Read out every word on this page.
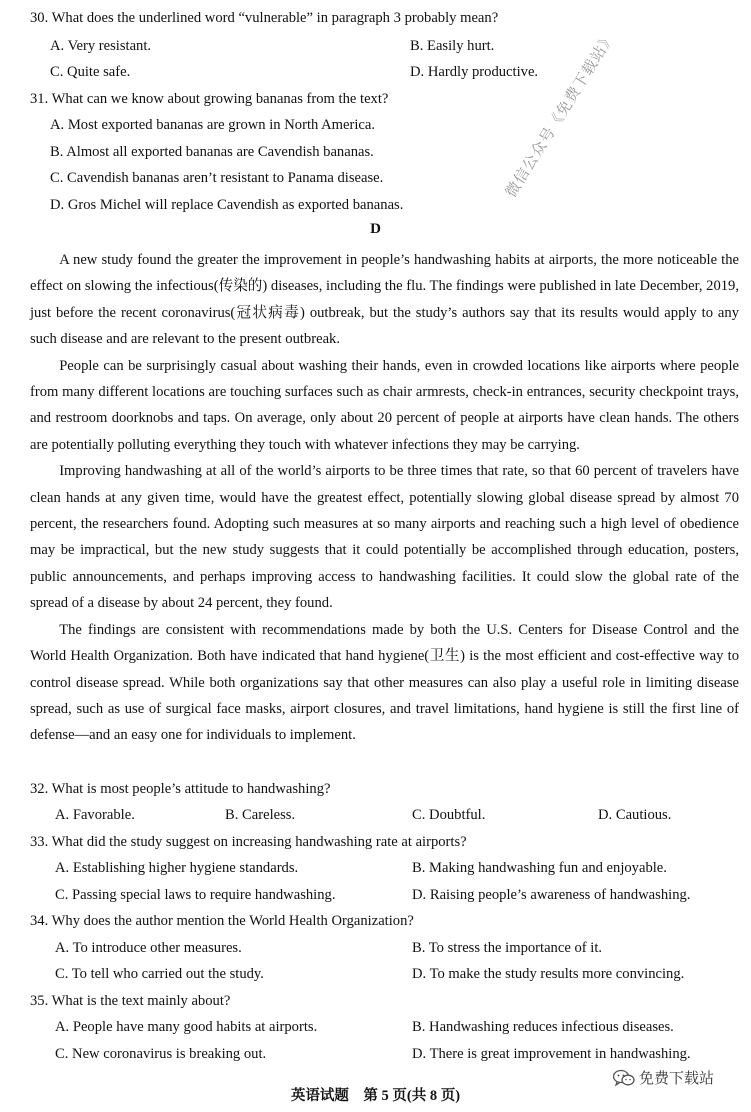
30. What does the underlined word “vulnerable” in paragraph 3 probably mean?
A. Very resistant.	B. Easily hurt.
C. Quite safe.	D. Hardly productive.
31. What can we know about growing bananas from the text?
A. Most exported bananas are grown in North America.
B. Almost all exported bananas are Cavendish bananas.
C. Cavendish bananas aren’t resistant to Panama disease.
D. Gros Michel will replace Cavendish as exported bananas.
D

A new study found the greater the improvement in people’s handwashing habits at airports, the more noticeable the effect on slowing the infectious(传染的) diseases, including the flu. The findings were published in late December, 2019, just before the recent coronavirus(冠状病毒) outbreak, but the study’s authors say that its results would apply to any such disease and are relevant to the present outbreak.

People can be surprisingly casual about washing their hands, even in crowded locations like airports where people from many different locations are touching surfaces such as chair armrests, check-in entrances, security checkpoint trays, and restroom doorknobs and taps. On average, only about 20 percent of people at airports have clean hands. The others are potentially polluting everything they touch with whatever infections they may be carrying.

Improving handwashing at all of the world’s airports to be three times that rate, so that 60 percent of travelers have clean hands at any given time, would have the greatest effect, potentially slowing global disease spread by almost 70 percent, the researchers found. Adopting such measures at so many airports and reaching such a high level of obedience may be impractical, but the new study suggests that it could potentially be accomplished through education, posters, public announcements, and perhaps improving access to handwashing facilities. It could slow the global rate of the spread of a disease by about 24 percent, they found.

The findings are consistent with recommendations made by both the U.S. Centers for Disease Control and the World Health Organization. Both have indicated that hand hygiene(卫生) is the most efficient and cost-effective way to control disease spread. While both organizations say that other measures can also play a useful role in limiting disease spread, such as use of surgical face masks, airport closures, and travel limitations, hand hygiene is still the first line of defense—and an easy one for individuals to implement.

32. What is most people’s attitude to handwashing?
A. Favorable.	B. Careless.	C. Doubtful.	D. Cautious.
33. What did the study suggest on increasing handwashing rate at airports?
A. Establishing higher hygiene standards.	B. Making handwashing fun and enjoyable.
C. Passing special laws to require handwashing.	D. Raising people’s awareness of handwashing.
34. Why does the author mention the World Health Organization?
A. To introduce other measures.	B. To stress the importance of it.
C. To tell who carried out the study.	D. To make the study results more convincing.
35. What is the text mainly about?
A. People have many good habits at airports.	B. Handwashing reduces infectious diseases.
C. New coronavirus is breaking out.	D. There is great improvement in handwashing.
微信公众号《免费下载站》
免费下载站
英语试题　第 5 页(共 8 页)
